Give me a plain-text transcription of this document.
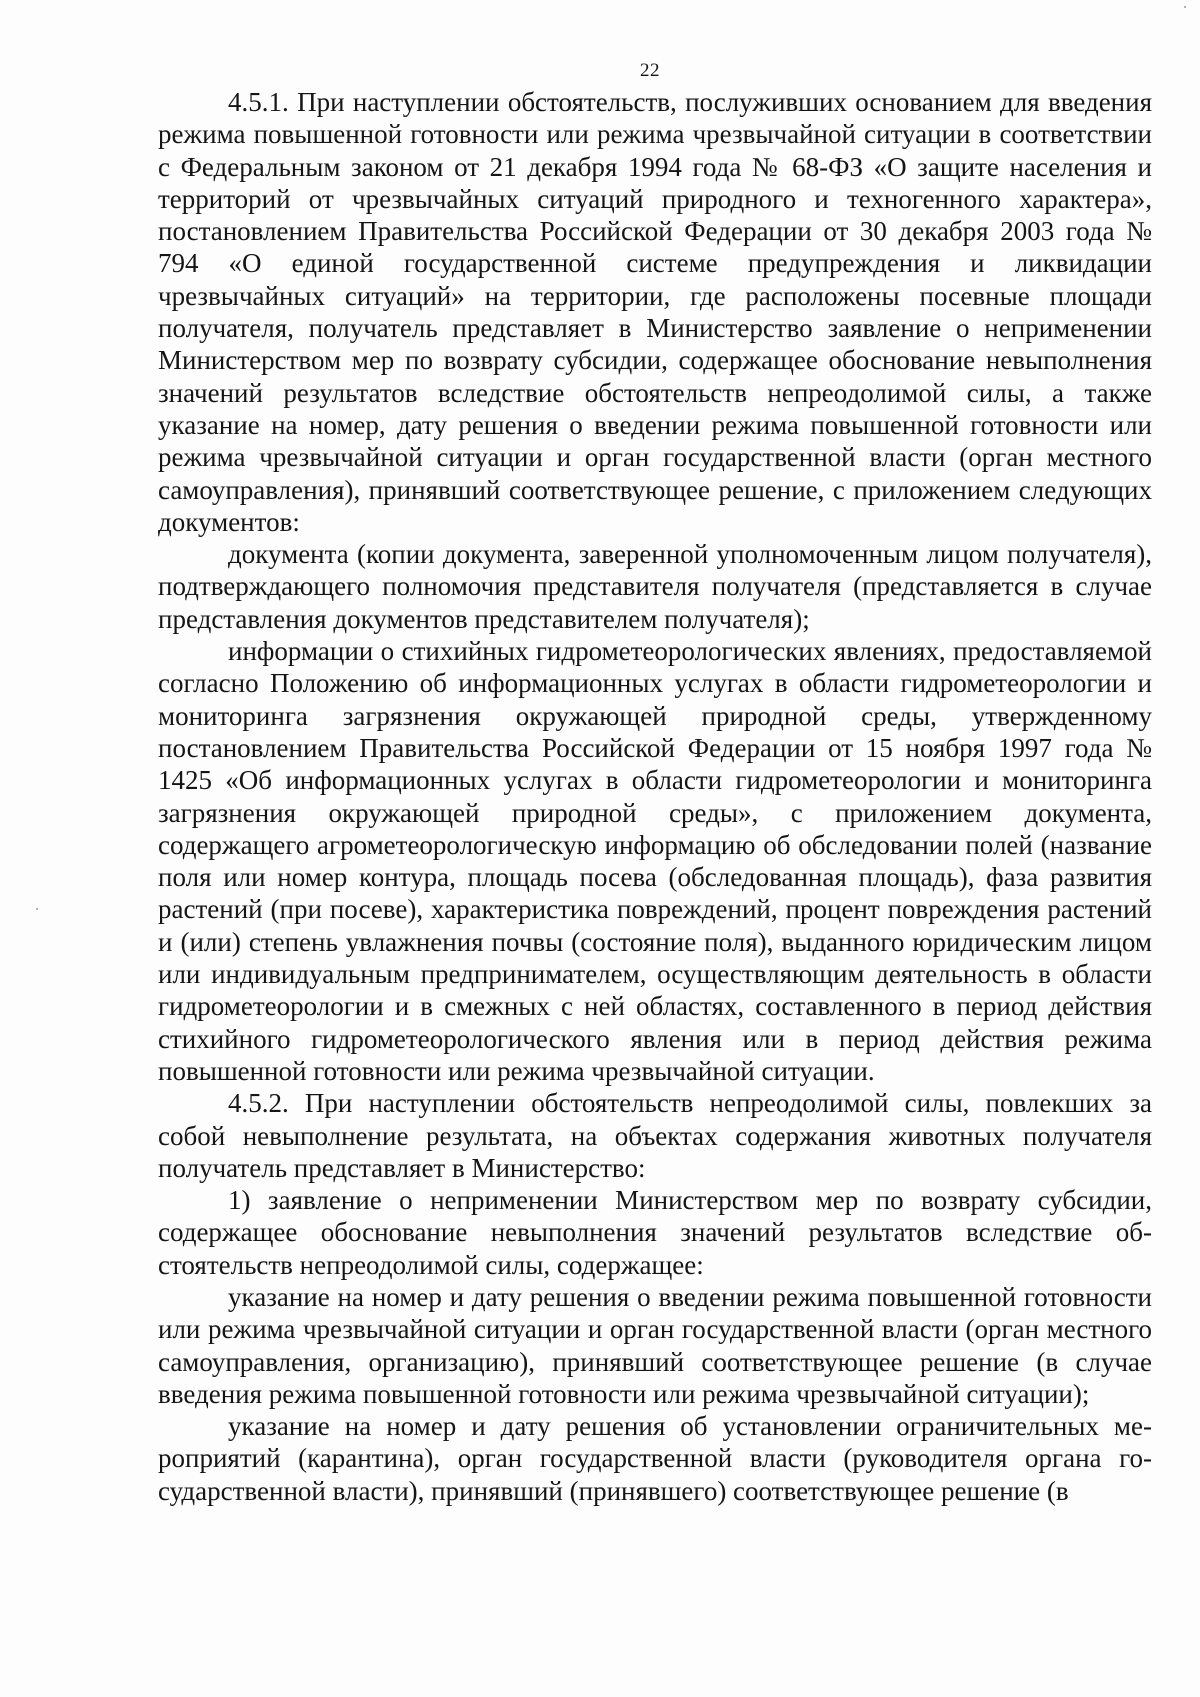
22

4.5.1. При наступлении обстоятельств, послуживших основанием для введения режима повышенной готовности или режима чрезвычайной ситуации в соответствии с Федеральным законом от 21 декабря 1994 года № 68-ФЗ «О защите населения и территорий от чрезвычайных ситуаций природного и техногенного характера», постановлением Правительства Российской Федерации от 30 декабря 2003 года № 794 «О единой государственной системе предупреждения и ликвидации чрезвычайных ситуаций» на территории, где расположены посевные площади получателя, получатель представляет в Министерство заявление о неприменении Министерством мер по возврату субсидии, содержащее обоснование невыполнения значений результатов вследствие обстоятельств непреодолимой силы, а также указание на номер, дату решения о введении режима повышенной готовности или режима чрезвычайной ситуации и орган государственной власти (орган местного самоуправления), принявший соответствующее решение, с приложением следующих документов:

документа (копии документа, заверенной уполномоченным лицом получателя), подтверждающего полномочия представителя получателя (представляется в случае представления документов представителем получателя);

информации о стихийных гидрометеорологических явлениях, предоставляемой согласно Положению об информационных услугах в области гидрометеорологии и мониторинга загрязнения окружающей природной среды, утвержденному постановлением Правительства Российской Федерации от 15 ноября 1997 года № 1425 «Об информационных услугах в области гидрометеорологии и мониторинга загрязнения окружающей природной среды», с приложением документа, содержащего агрометеорологическую информацию об обследовании полей (название поля или номер контура, площадь посева (обследованная площадь), фаза развития растений (при посеве), характеристика повреждений, процент повреждения растений и (или) степень увлажнения почвы (состояние поля), выданного юридическим лицом или индивидуальным предпринимателем, осуществляющим деятельность в области гидрометеорологии и в смежных с ней областях, составленного в период действия стихийного гидрометеорологического явления или в период действия режима повышенной готовности или режима чрезвычайной ситуации.

4.5.2. При наступлении обстоятельств непреодолимой силы, повлекших за собой невыполнение результата, на объектах содержания животных получателя получатель представляет в Министерство:

1) заявление о неприменении Министерством мер по возврату субсидии, содержащее обоснование невыполнения значений результатов вследствие обстоятельств непреодолимой силы, содержащее:

указание на номер и дату решения о введении режима повышенной готовности или режима чрезвычайной ситуации и орган государственной власти (орган местного самоуправления, организацию), принявший соответствующее решение (в случае введения режима повышенной готовности или режима чрезвычайной ситуации);

указание на номер и дату решения об установлении ограничительных мероприятий (карантина), орган государственной власти (руководителя органа государственной власти), принявший (принявшего) соответствующее решение (в
